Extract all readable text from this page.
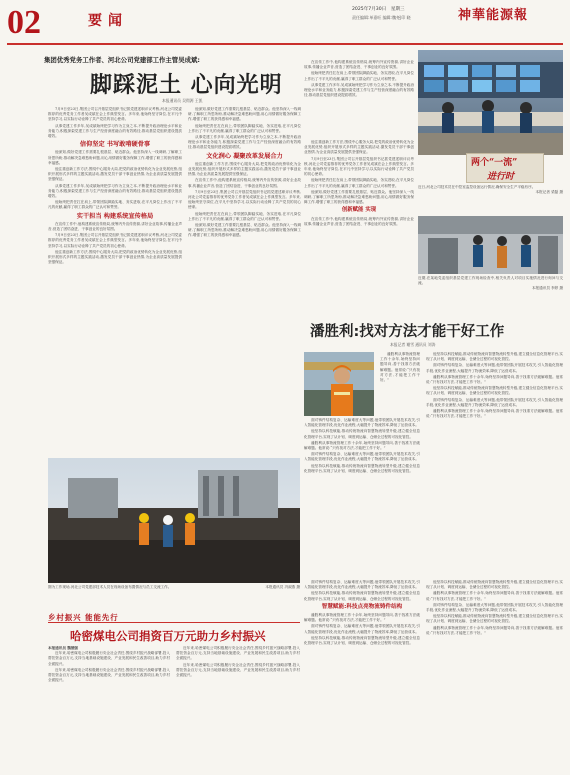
02	要闻
2025年7月30日　星期三
责任编辑:单嘉旺 编辑:魏尧|印 晓	神華能源報
集团优秀党务工作者、河北公司党建部工作主管吴成斌:
脚踩泥土 心向光明
本报通讯员 吴彻源 王凯

7月9日至23日,集团公司召开基层党组织书记抓党建述职评议考核,河北公司党委推荐的优秀党务工作者吴成斌在会上作典型发言。多年来,他始终坚守岗位,在平凡中坚持学习,以实际行动诠释了共产党员的初心使命。

从事党建工作多年,吴成斌始终把学习作为立身之本,不断提升政治理论水平和业务能力,积极探索党建工作与生产经营深度融合的有效路径,推动基层党组织建设提质增效。

信仰坚定 书写敢啃硬骨事

他深知,做好党建工作需要扎根基层、贴近群众。他坚持深入一线调研,了解职工所思所盼,推动解决急难愁盼问题,用心用情做好服务保障工作,增强了职工的获得感和幸福感。

他注重创新工作方法,围绕中心服务大局,把党的政治优势转化为企业发展优势,组织开展形式多样的主题实践活动,激发党员干部干事创业热情,为企业高质量发展提供坚强保证。

从事党建工作多年,吴成斌始终把学习作为立身之本,不断提升政治理论水平和业务能力,积极探索党建工作与生产经营深度融合的有效路径,推动基层党组织建设提质增效。

他始终把责任扛在肩上,带领团队脚踏实地、务实进取,在平凡岗位上作出了不平凡的贡献,赢得了职工群众的广泛认可和赞誉。

实干担当 构建系统宣传格局

在宣传工作中,他构建系统宣传格局,统筹内外宣传资源,讲好企业故事,传播企业声音,营造了团结奋进、干事创业的良好氛围。

7月9日至23日,集团公司召开基层党组织书记抓党建述职评议考核,河北公司党委推荐的优秀党务工作者吴成斌在会上作典型发言。多年来,他始终坚守岗位,在平凡中坚持学习,以实际行动诠释了共产党员的初心使命。

他注重创新工作方法,围绕中心服务大局,把党的政治优势转化为企业发展优势,组织开展形式多样的主题实践活动,激发党员干部干事创业热情,为企业高质量发展提供坚强保证。

他深知,做好党建工作需要扎根基层、贴近群众。他坚持深入一线调研,了解职工所思所盼,推动解决急难愁盼问题,用心用情做好服务保障工作,增强了职工的获得感和幸福感。

他始终把责任扛在肩上,带领团队脚踏实地、务实进取,在平凡岗位上作出了不平凡的贡献,赢得了职工群众的广泛认可和赞誉。

从事党建工作多年,吴成斌始终把学习作为立身之本,不断提升政治理论水平和业务能力,积极探索党建工作与生产经营深度融合的有效路径,推动基层党组织建设提质增效。

文化润心 凝聚改革发展合力

他注重创新工作方法,围绕中心服务大局,把党的政治优势转化为企业发展优势,组织开展形式多样的主题实践活动,激发党员干部干事创业热情,为企业高质量发展提供坚强保证。

在宣传工作中,他构建系统宣传格局,统筹内外宣传资源,讲好企业故事,传播企业声音,营造了团结奋进、干事创业的良好氛围。

7月9日至23日,集团公司召开基层党组织书记抓党建述职评议考核,河北公司党委推荐的优秀党务工作者吴成斌在会上作典型发言。多年来,他始终坚守岗位,在平凡中坚持学习,以实际行动诠释了共产党员的初心使命。

他始终把责任扛在肩上,带领团队脚踏实地、务实进取,在平凡岗位上作出了不平凡的贡献,赢得了职工群众的广泛认可和赞誉。

他深知,做好党建工作需要扎根基层、贴近群众。他坚持深入一线调研,了解职工所思所盼,推动解决急难愁盼问题,用心用情做好服务保障工作,增强了职工的获得感和幸福感。

在宣传工作中,他构建系统宣传格局,统筹内外宣传资源,讲好企业故事,传播企业声音,营造了团结奋进、干事创业的良好氛围。

他始终把责任扛在肩上,带领团队脚踏实地、务实进取,在平凡岗位上作出了不平凡的贡献,赢得了职工群众的广泛认可和赞誉。

从事党建工作多年,吴成斌始终把学习作为立身之本,不断提升政治理论水平和业务能力,积极探索党建工作与生产经营深度融合的有效路径,推动基层党组织建设提质增效。

两个“一流”
进行时

他注重创新工作方法,围绕中心服务大局,把党的政治优势转化为企业发展优势,组织开展形式多样的主题实践活动,激发党员干部干事创业热情,为企业高质量发展提供坚强保证。

7月9日至23日,集团公司召开基层党组织书记抓党建述职评议考核,河北公司党委推荐的优秀党务工作者吴成斌在会上作典型发言。多年来,他始终坚守岗位,在平凡中坚持学习,以实际行动诠释了共产党员的初心使命。

他始终把责任扛在肩上,带领团队脚踏实地、务实进取,在平凡岗位上作出了不平凡的贡献,赢得了职工群众的广泛认可和赞誉。

他深知,做好党建工作需要扎根基层、贴近群众。他坚持深入一线调研,了解职工所思所盼,推动解决急难愁盼问题,用心用情做好服务保障工作,增强了职工的获得感和幸福感。

创新赋能 实现

在宣传工作中,他构建系统宣传格局,统筹内外宣传资源,讲好企业故事,传播企业声音,营造了团结奋进、干事创业的良好氛围。

近日,河北公司技术员在中控室监控设备运行情况,确保安全生产平稳有序。
本报记者 梁磊 摄
近期,在某地党委组织基层党建工作现场检查中,相关负责人对项目实施情况进行询问与交流。
本报通讯员 李婷 摄
潘胜利:找对方法才能干好工作
本报记者 谢雪 通讯员 刘涛

潘胜利从事物流管理工作十余年,始终坚持问题导向,善于找准方法破解难题。他常说:“只有找对方法,才能把工作干好。”

面对铸件结构复杂、运输难度大等问题,他带领团队开展技术攻关,引入智能化管理手段,优化作业流程,大幅提升了物流效率,降低了运营成本。

他坚持以科技赋能,推动传统物流向智慧物流转型升级,建立健全信息化管理平台,实现了从计划、调度到运输、仓储全过程的可视化管控。

潘胜利从事物流管理工作十余年,始终坚持问题导向,善于找准方法破解难题。他常说:“只有找对方法,才能把工作干好。”

面对铸件结构复杂、运输难度大等问题,他带领团队开展技术攻关,引入智能化管理手段,优化作业流程,大幅提升了物流效率,降低了运营成本。

他坚持以科技赋能,推动传统物流向智慧物流转型升级,建立健全信息化管理平台,实现了从计划、调度到运输、仓储全过程的可视化管控。

他坚持以科技赋能,推动传统物流向智慧物流转型升级,建立健全信息化管理平台,实现了从计划、调度到运输、仓储全过程的可视化管控。

面对铸件结构复杂、运输难度大等问题,他带领团队开展技术攻关,引入智能化管理手段,优化作业流程,大幅提升了物流效率,降低了运营成本。

潘胜利从事物流管理工作十余年,始终坚持问题导向,善于找准方法破解难题。他常说:“只有找对方法,才能把工作干好。”

他坚持以科技赋能,推动传统物流向智慧物流转型升级,建立健全信息化管理平台,实现了从计划、调度到运输、仓储全过程的可视化管控。

面对铸件结构复杂、运输难度大等问题,他带领团队开展技术攻关,引入智能化管理手段,优化作业流程,大幅提升了物流效率,降低了运营成本。

潘胜利从事物流管理工作十余年,始终坚持问题导向,善于找准方法破解难题。他常说:“只有找对方法,才能把工作干好。”

面对铸件结构复杂、运输难度大等问题,他带领团队开展技术攻关,引入智能化管理手段,优化作业流程,大幅提升了物流效率,降低了运营成本。

他坚持以科技赋能,推动传统物流向智慧物流转型升级,建立健全信息化管理平台,实现了从计划、调度到运输、仓储全过程的可视化管控。

智慧赋能:科技点亮物流铸件结构

潘胜利从事物流管理工作十余年,始终坚持问题导向,善于找准方法破解难题。他常说:“只有找对方法,才能把工作干好。”

面对铸件结构复杂、运输难度大等问题,他带领团队开展技术攻关,引入智能化管理手段,优化作业流程,大幅提升了物流效率,降低了运营成本。

他坚持以科技赋能,推动传统物流向智慧物流转型升级,建立健全信息化管理平台,实现了从计划、调度到运输、仓储全过程的可视化管控。

他坚持以科技赋能,推动传统物流向智慧物流转型升级,建立健全信息化管理平台,实现了从计划、调度到运输、仓储全过程的可视化管控。

潘胜利从事物流管理工作十余年,始终坚持问题导向,善于找准方法破解难题。他常说:“只有找对方法,才能把工作干好。”

面对铸件结构复杂、运输难度大等问题,他带领团队开展技术攻关,引入智能化管理手段,优化作业流程,大幅提升了物流效率,降低了运营成本。

他坚持以科技赋能,推动传统物流向智慧物流转型升级,建立健全信息化管理平台,实现了从计划、调度到运输、仓储全过程的可视化管控。

潘胜利从事物流管理工作十余年,始终坚持问题导向,善于找准方法破解难题。他常说:“只有找对方法,才能把工作干好。”

图为工作现场,河北公司党建部技术人员在现场设备布置情况与员工交流工作。	本报通讯员 冯淑燕 摄
乡村振兴 能能先行
哈密煤电公司捐资百万元助力乡村振兴
本报通讯员 魏德强

近年来,哈密煤电公司积极履行央企社会责任,围绕乡村振兴战略部署,投入帮扶资金百万元,支持当地基础设施建设、产业发展和民生改善项目,助力乡村全面振兴。

近年来,哈密煤电公司积极履行央企社会责任,围绕乡村振兴战略部署,投入帮扶资金百万元,支持当地基础设施建设、产业发展和民生改善项目,助力乡村全面振兴。

近年来,哈密煤电公司积极履行央企社会责任,围绕乡村振兴战略部署,投入帮扶资金百万元,支持当地基础设施建设、产业发展和民生改善项目,助力乡村全面振兴。

近年来,哈密煤电公司积极履行央企社会责任,围绕乡村振兴战略部署,投入帮扶资金百万元,支持当地基础设施建设、产业发展和民生改善项目,助力乡村全面振兴。
